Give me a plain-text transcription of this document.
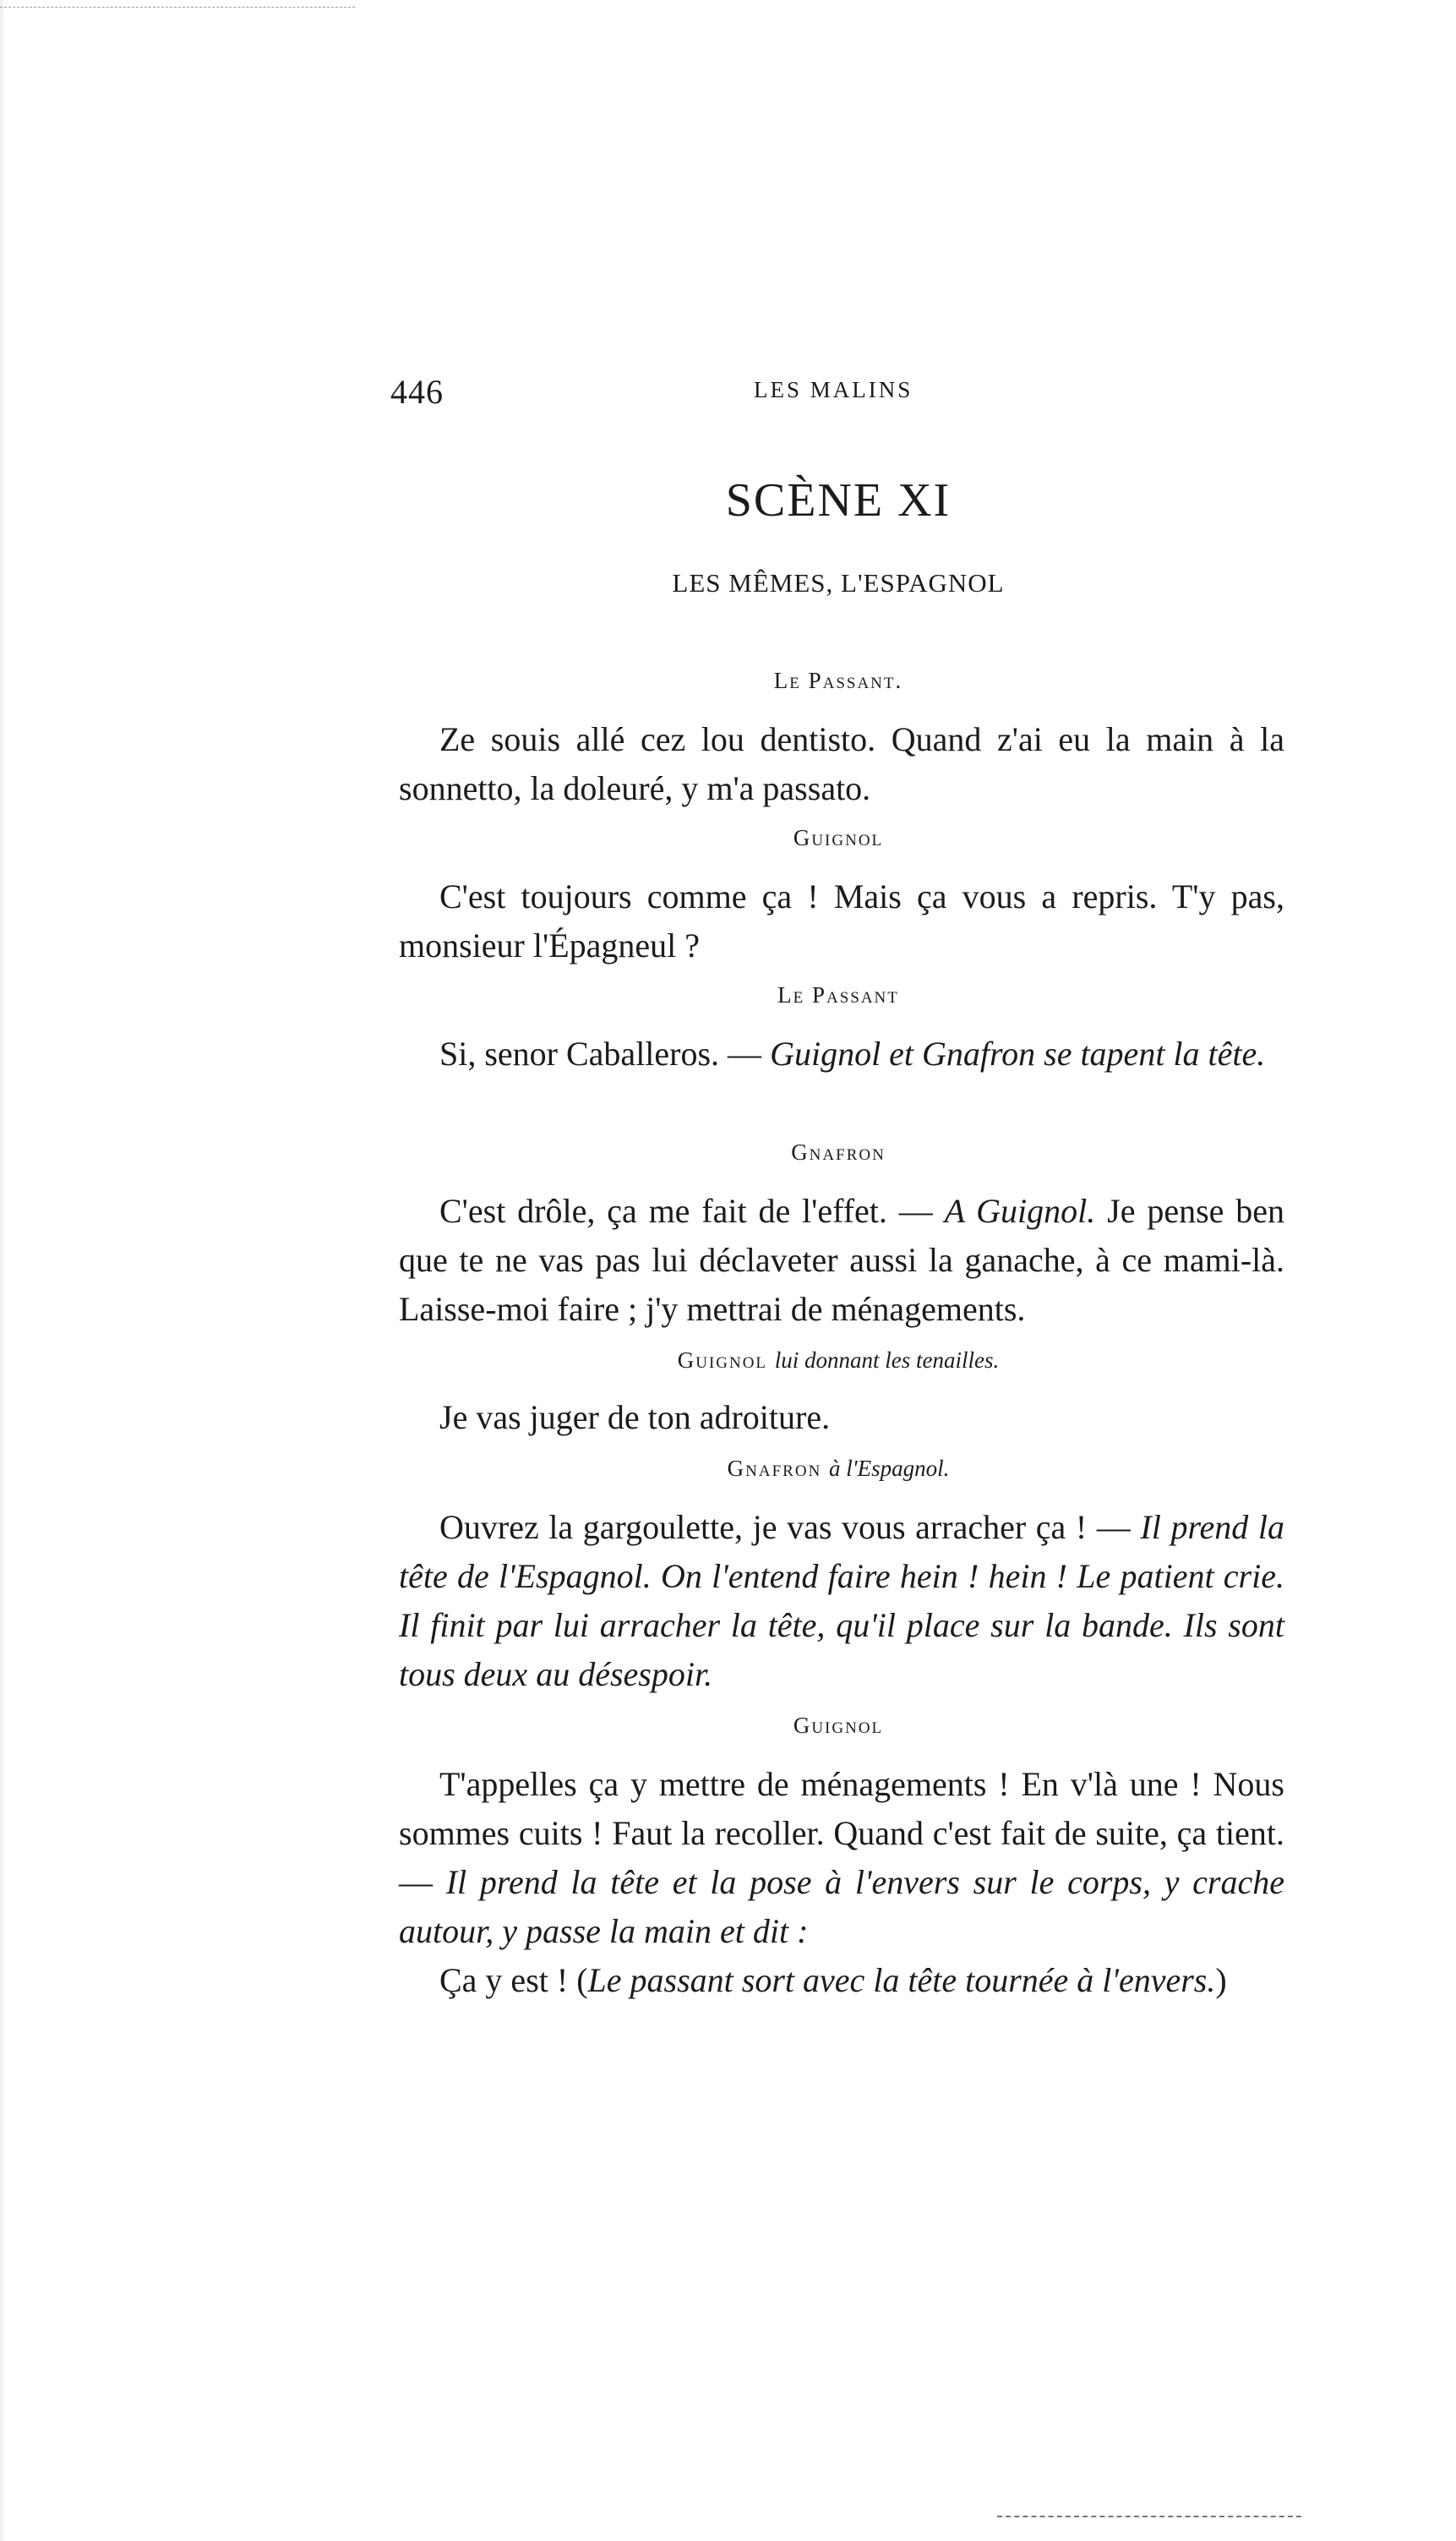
446	LES MALINS
SCÈNE XI
LES MÊMES, L'ESPAGNOL
Le Passant.
Ze souis allé cez lou dentisto. Quand z'ai eu la main à la sonnetto, la doleuré, y m'a passato.
Guignol
C'est toujours comme ça ! Mais ça vous a repris. T'y pas, monsieur l'Épagneul ?
Le Passant
Si, senor Caballeros. — Guignol et Gnafron se tapent la tête.
Gnafron
C'est drôle, ça me fait de l'effet. — A Guignol. Je pense ben que te ne vas pas lui déclaveter aussi la ganache, à ce mami-là. Laisse-moi faire ; j'y mettrai de ménagements.
Guignol lui donnant les tenailles.
Je vas juger de ton adroiture.
Gnafron à l'Espagnol.
Ouvrez la gargoulette, je vas vous arracher ça ! — Il prend la tête de l'Espagnol. On l'entend faire hein ! hein ! Le patient crie. Il finit par lui arracher la tête, qu'il place sur la bande. Ils sont tous deux au désespoir.
Guignol
T'appelles ça y mettre de ménagements ! En v'là une ! Nous sommes cuits ! Faut la recoller. Quand c'est fait de suite, ça tient. — Il prend la tête et la pose à l'envers sur le corps, y crache autour, y passe la main et dit :
Ça y est ! (Le passant sort avec la tête tournée à l'envers.)
